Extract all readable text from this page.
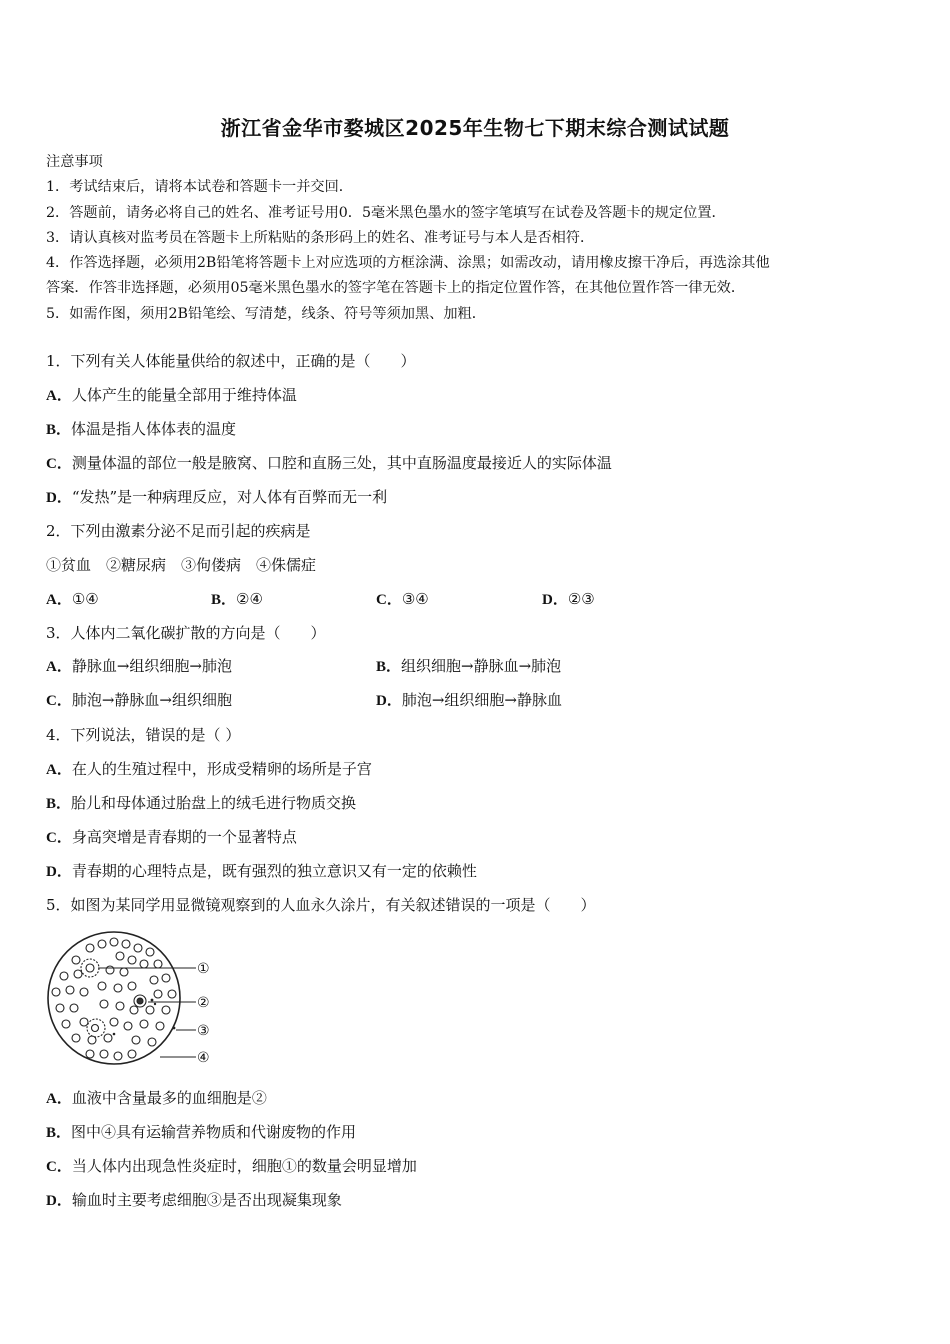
浙江省金华市婺城区2025年生物七下期末综合测试试题
注意事项
1．考试结束后，请将本试卷和答题卡一并交回．
2．答题前，请务必将自己的姓名、准考证号用0．5毫米黑色墨水的签字笔填写在试卷及答题卡的规定位置．
3．请认真核对监考员在答题卡上所粘贴的条形码上的姓名、准考证号与本人是否相符．
4．作答选择题，必须用2B铅笔将答题卡上对应选项的方框涂满、涂黑；如需改动，请用橡皮擦干净后，再选涂其他
答案．作答非选择题，必须用05毫米黑色墨水的签字笔在答题卡上的指定位置作答，在其他位置作答一律无效．
5．如需作图，须用2B铅笔绘、写清楚，线条、符号等须加黑、加粗．
1．下列有关人体能量供给的叙述中，正确的是（　　）
A．人体产生的能量全部用于维持体温
B．体温是指人体体表的温度
C．测量体温的部位一般是腋窝、口腔和直肠三处，其中直肠温度最接近人的实际体温
D．“发热”是一种病理反应，对人体有百弊而无一利
2．下列由激素分泌不足而引起的疾病是
①贫血　②糖尿病　③佝偻病　④侏儒症
A．①④	B．②④	C．③④	D．②③
3．人体内二氧化碳扩散的方向是（　　）
A．静脉血→组织细胞→肺泡	B．组织细胞→静脉血→肺泡
C．肺泡→静脉血→组织细胞	D．肺泡→组织细胞→静脉血
4．下列说法，错误的是（ ）
A．在人的生殖过程中，形成受精卵的场所是子宫
B．胎儿和母体通过胎盘上的绒毛进行物质交换
C．身高突增是青春期的一个显著特点
D．青春期的心理特点是，既有强烈的独立意识又有一定的依赖性
5．如图为某同学用显微镜观察到的人血永久涂片，有关叙述错误的一项是（　　）
①
②
③
④
A．血液中含量最多的血细胞是②
B．图中④具有运输营养物质和代谢废物的作用
C．当人体内出现急性炎症时，细胞①的数量会明显增加
D．输血时主要考虑细胞③是否出现凝集现象
